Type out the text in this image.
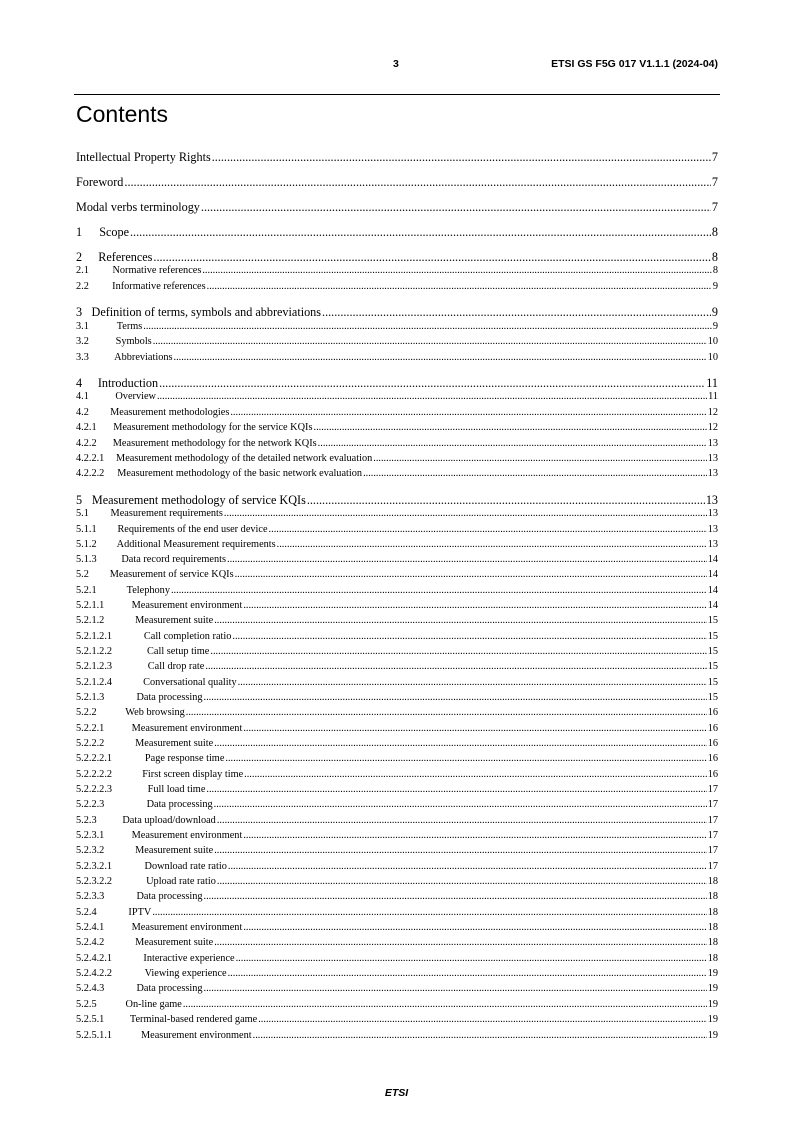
3	ETSI GS F5G 017 V1.1.1 (2024-04)
Contents
Intellectual Property Rights .....	7
Foreword .....	7
Modal verbs terminology .....	7
1	Scope .....	8
2	References .....	8
2.1	Normative references .....	8
2.2	Informative references .....	9
3 Definition of terms, symbols and abbreviations .....	9
3.1	Terms .....	9
3.2	Symbols .....	10
3.3	Abbreviations .....	10
4	Introduction .....	11
4.1	Overview .....	11
4.2	Measurement methodologies .....	12
4.2.1	Measurement methodology for the service KQIs .....	12
4.2.2	Measurement methodology for the network KQIs .....	13
4.2.2.1	Measurement methodology of the detailed network evaluation .....	13
4.2.2.2	Measurement methodology of the basic network evaluation .....	13
5 Measurement methodology of service KQIs .....	13
5.1	Measurement requirements .....	13
5.1.1	Requirements of the end user device .....	13
5.1.2	Additional Measurement requirements .....	13
5.1.3	Data record requirements .....	14
5.2	Measurement of service KQIs .....	14
5.2.1	Telephony .....	14
5.2.1.1	Measurement environment .....	14
5.2.1.2	Measurement suite .....	15
5.2.1.2.1	Call completion ratio .....	15
5.2.1.2.2	Call setup time .....	15
5.2.1.2.3	Call drop rate .....	15
5.2.1.2.4	Conversational quality .....	15
5.2.1.3	Data processing .....	15
5.2.2	Web browsing .....	16
5.2.2.1	Measurement environment .....	16
5.2.2.2	Measurement suite .....	16
5.2.2.2.1	Page response time .....	16
5.2.2.2.2	First screen display time .....	16
5.2.2.2.3	Full load time .....	17
5.2.2.3	Data processing .....	17
5.2.3	Data upload/download .....	17
5.2.3.1	Measurement environment .....	17
5.2.3.2	Measurement suite .....	17
5.2.3.2.1	Download rate ratio .....	17
5.2.3.2.2	Upload rate ratio .....	18
5.2.3.3	Data processing .....	18
5.2.4	IPTV .....	18
5.2.4.1	Measurement environment .....	18
5.2.4.2	Measurement suite .....	18
5.2.4.2.1	Interactive experience .....	18
5.2.4.2.2	Viewing experience .....	19
5.2.4.3	Data processing .....	19
5.2.5	On-line game .....	19
5.2.5.1	Terminal-based rendered game .....	19
5.2.5.1.1	Measurement environment .....	19
ETSI
